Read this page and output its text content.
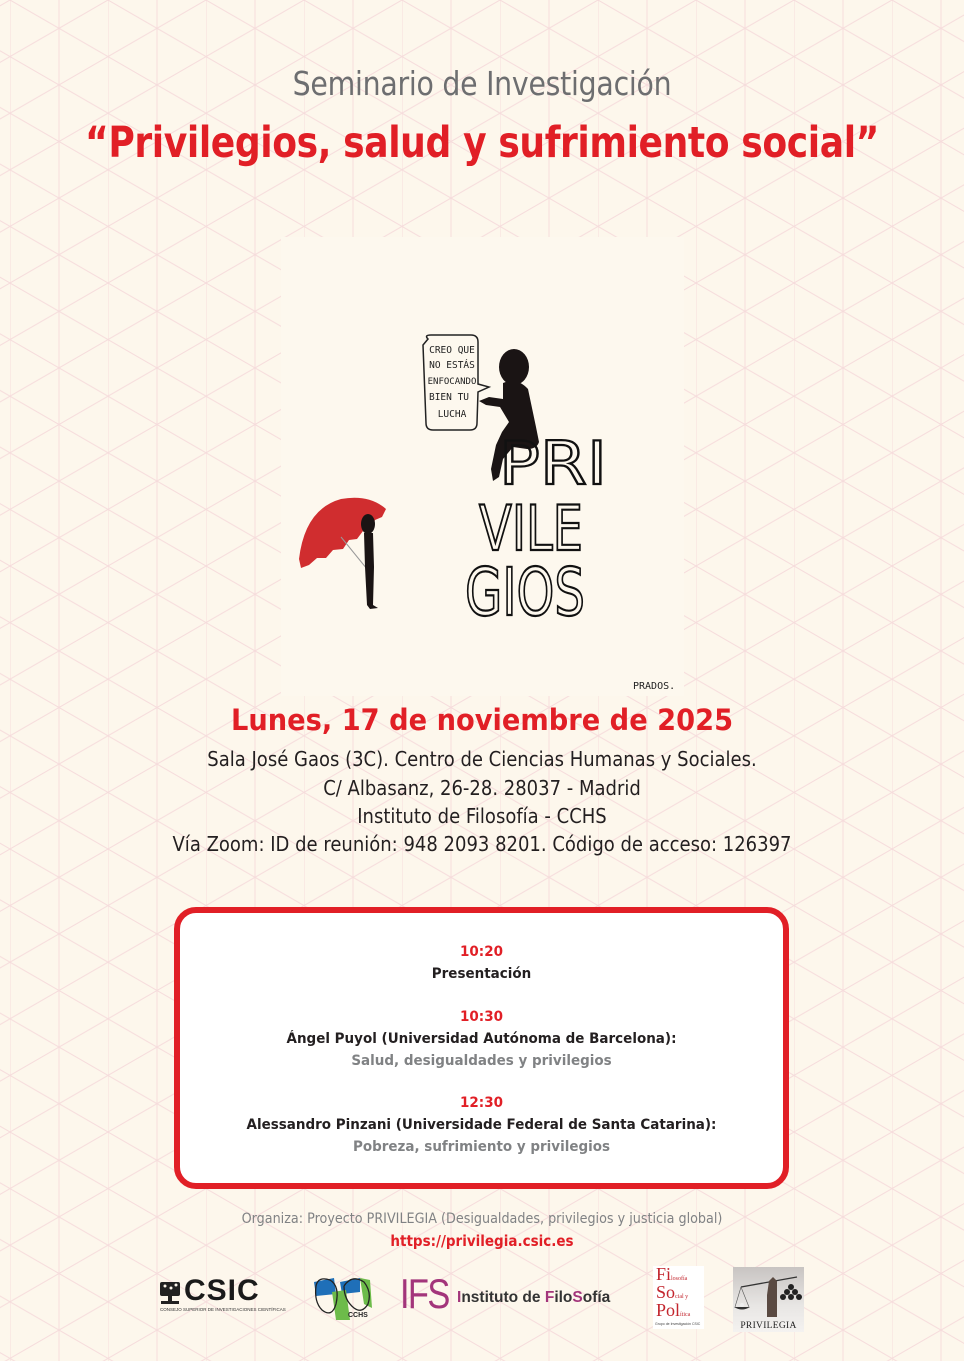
Seminario de Investigación
“Privilegios, salud y sufrimiento social”
CREO QUE
NO ESTÁS
ENFOCANDO
BIEN TU
LUCHA
PRI
VILE
GIOS
PRADOS.
Lunes, 17 de noviembre de 2025
Sala José Gaos (3C). Centro de Ciencias Humanas y Sociales.
C/ Albasanz, 26-28. 28037 - Madrid
Instituto de Filosofía - CCHS
Vía Zoom: ID de reunión: 948 2093 8201. Código de acceso: 126397
10:20
Presentación
10:30
Ángel Puyol (Universidad Autónoma de Barcelona):
Salud, desigualdades y privilegios
12:30
Alessandro Pinzani (Universidade Federal de Santa Catarina):
Pobreza, sufrimiento y privilegios
Organiza: Proyecto PRIVILEGIA (Desigualdades, privilegios y justicia global)
https://privilegia.csic.es
CSIC
CONSEJO SUPERIOR DE INVESTIGACIONES CIENTÍFICAS
CCHS IFS Instituto de FiloSofía
Filosofía
Social y
Política
Grupo de Investigación CSIC	PRIVILEGIA
